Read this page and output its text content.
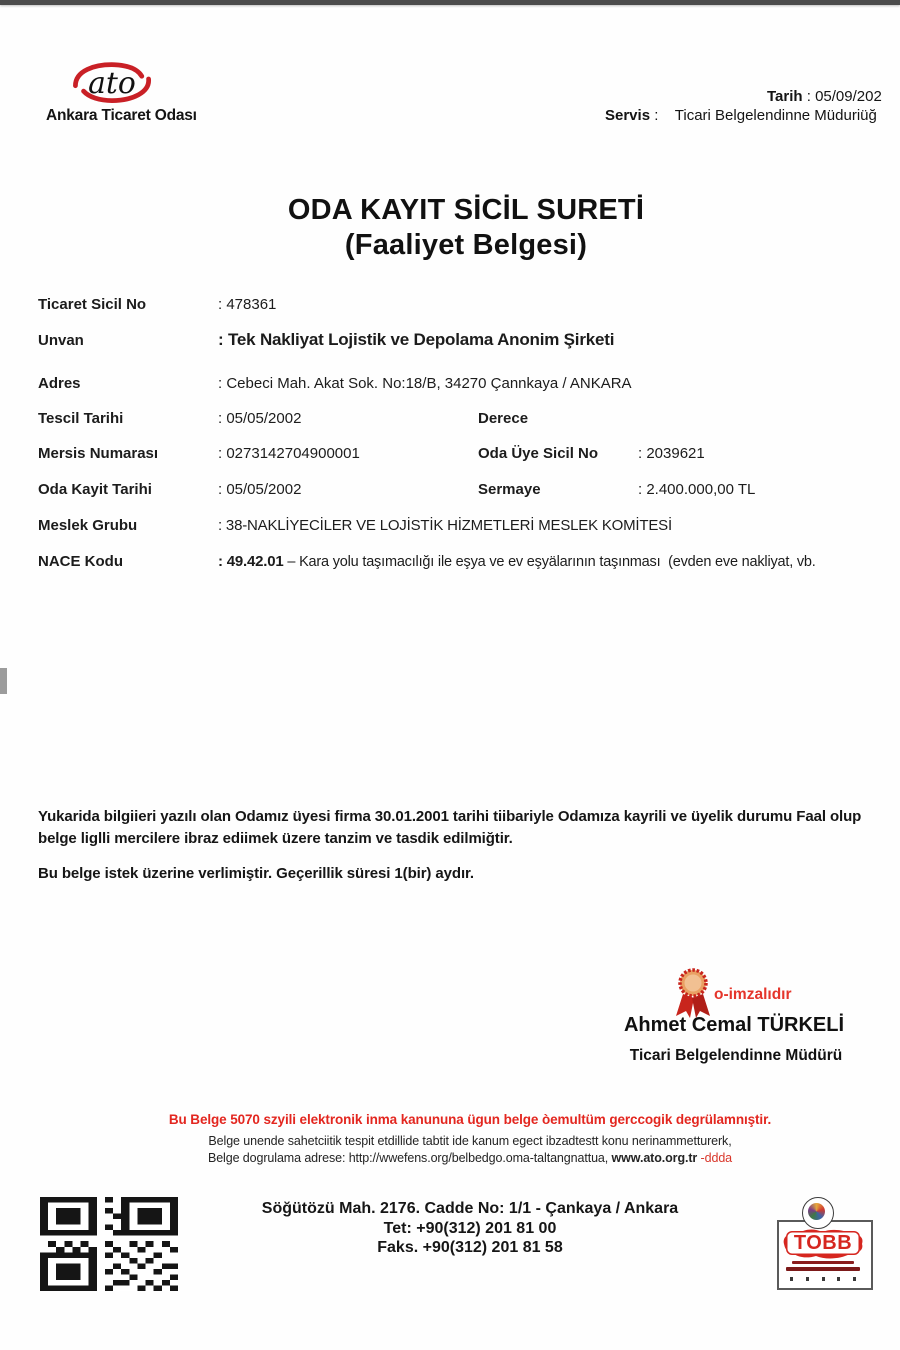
ato
Ankara Ticaret Odası
Tarih : 05/09/202
Servis :    Ticari Belgelendinne Müduriüğ
ODA KAYIT SİCİL SURETİ
(Faaliyet Belgesi)
Ticaret Sicil No	: 478361
Unvan	: Tek Nakliyat Lojistik ve Depolama Anonim Şirketi
Adres	: Cebeci Mah. Akat Sok. No:18/B, 34270 Çannkaya / ANKARA
Tescil Tarihi	: 05/05/2002	Derece
Mersis Numarası	: 0273142704900001	Oda Üye Sicil No	: 2039621
Oda Kayit Tarihi	: 05/05/2002	Sermaye	: 2.400.000,00 TL
Meslek Grubu	: 38-NAKLİYECİLER VE LOJİSTİK HİZMETLERİ MESLEK KOMİTESİ
NACE Kodu	: 49.42.01 – Kara yolu taşımacılığı ile eşya ve ev eşyälarının taşınması  (evden eve nakliyat, vb.
Yukarida bilgiieri yazılı olan Odamız üyesi firma 30.01.2001 tarihi tiibariyle Odamıza kayrili ve üyelik durumu Faal olup belge liglli mercilere ibraz ediimek üzere tanzim ve tasdik edilmiğtir.
Bu belge istek üzerine verlimiştir. Geçerillik süresi 1(bir) aydır.
o-imzalıdır
Ahmet Cemal TÜRKELİ
Ticari Belgelendinne Müdürü
Bu Belge 5070 szyili elektronik inma kanununa ügun belge òemultüm gerccogik degrülamnıştir.
Belge unende sahetciitik tespit etdillide tabtit ide kanum egect ibzadtestt konu nerinammetturerk,
Belge dogrulama adrese: http://wwefens.org/belbedgo.oma-taltangnattua, www.ato.org.tr -ddda
Söğütözü Mah. 2176. Cadde No: 1/1 - Çankaya / Ankara
Tet: +90(312) 201 81 00
Faks. +90(312) 201 81 58	TOBB
